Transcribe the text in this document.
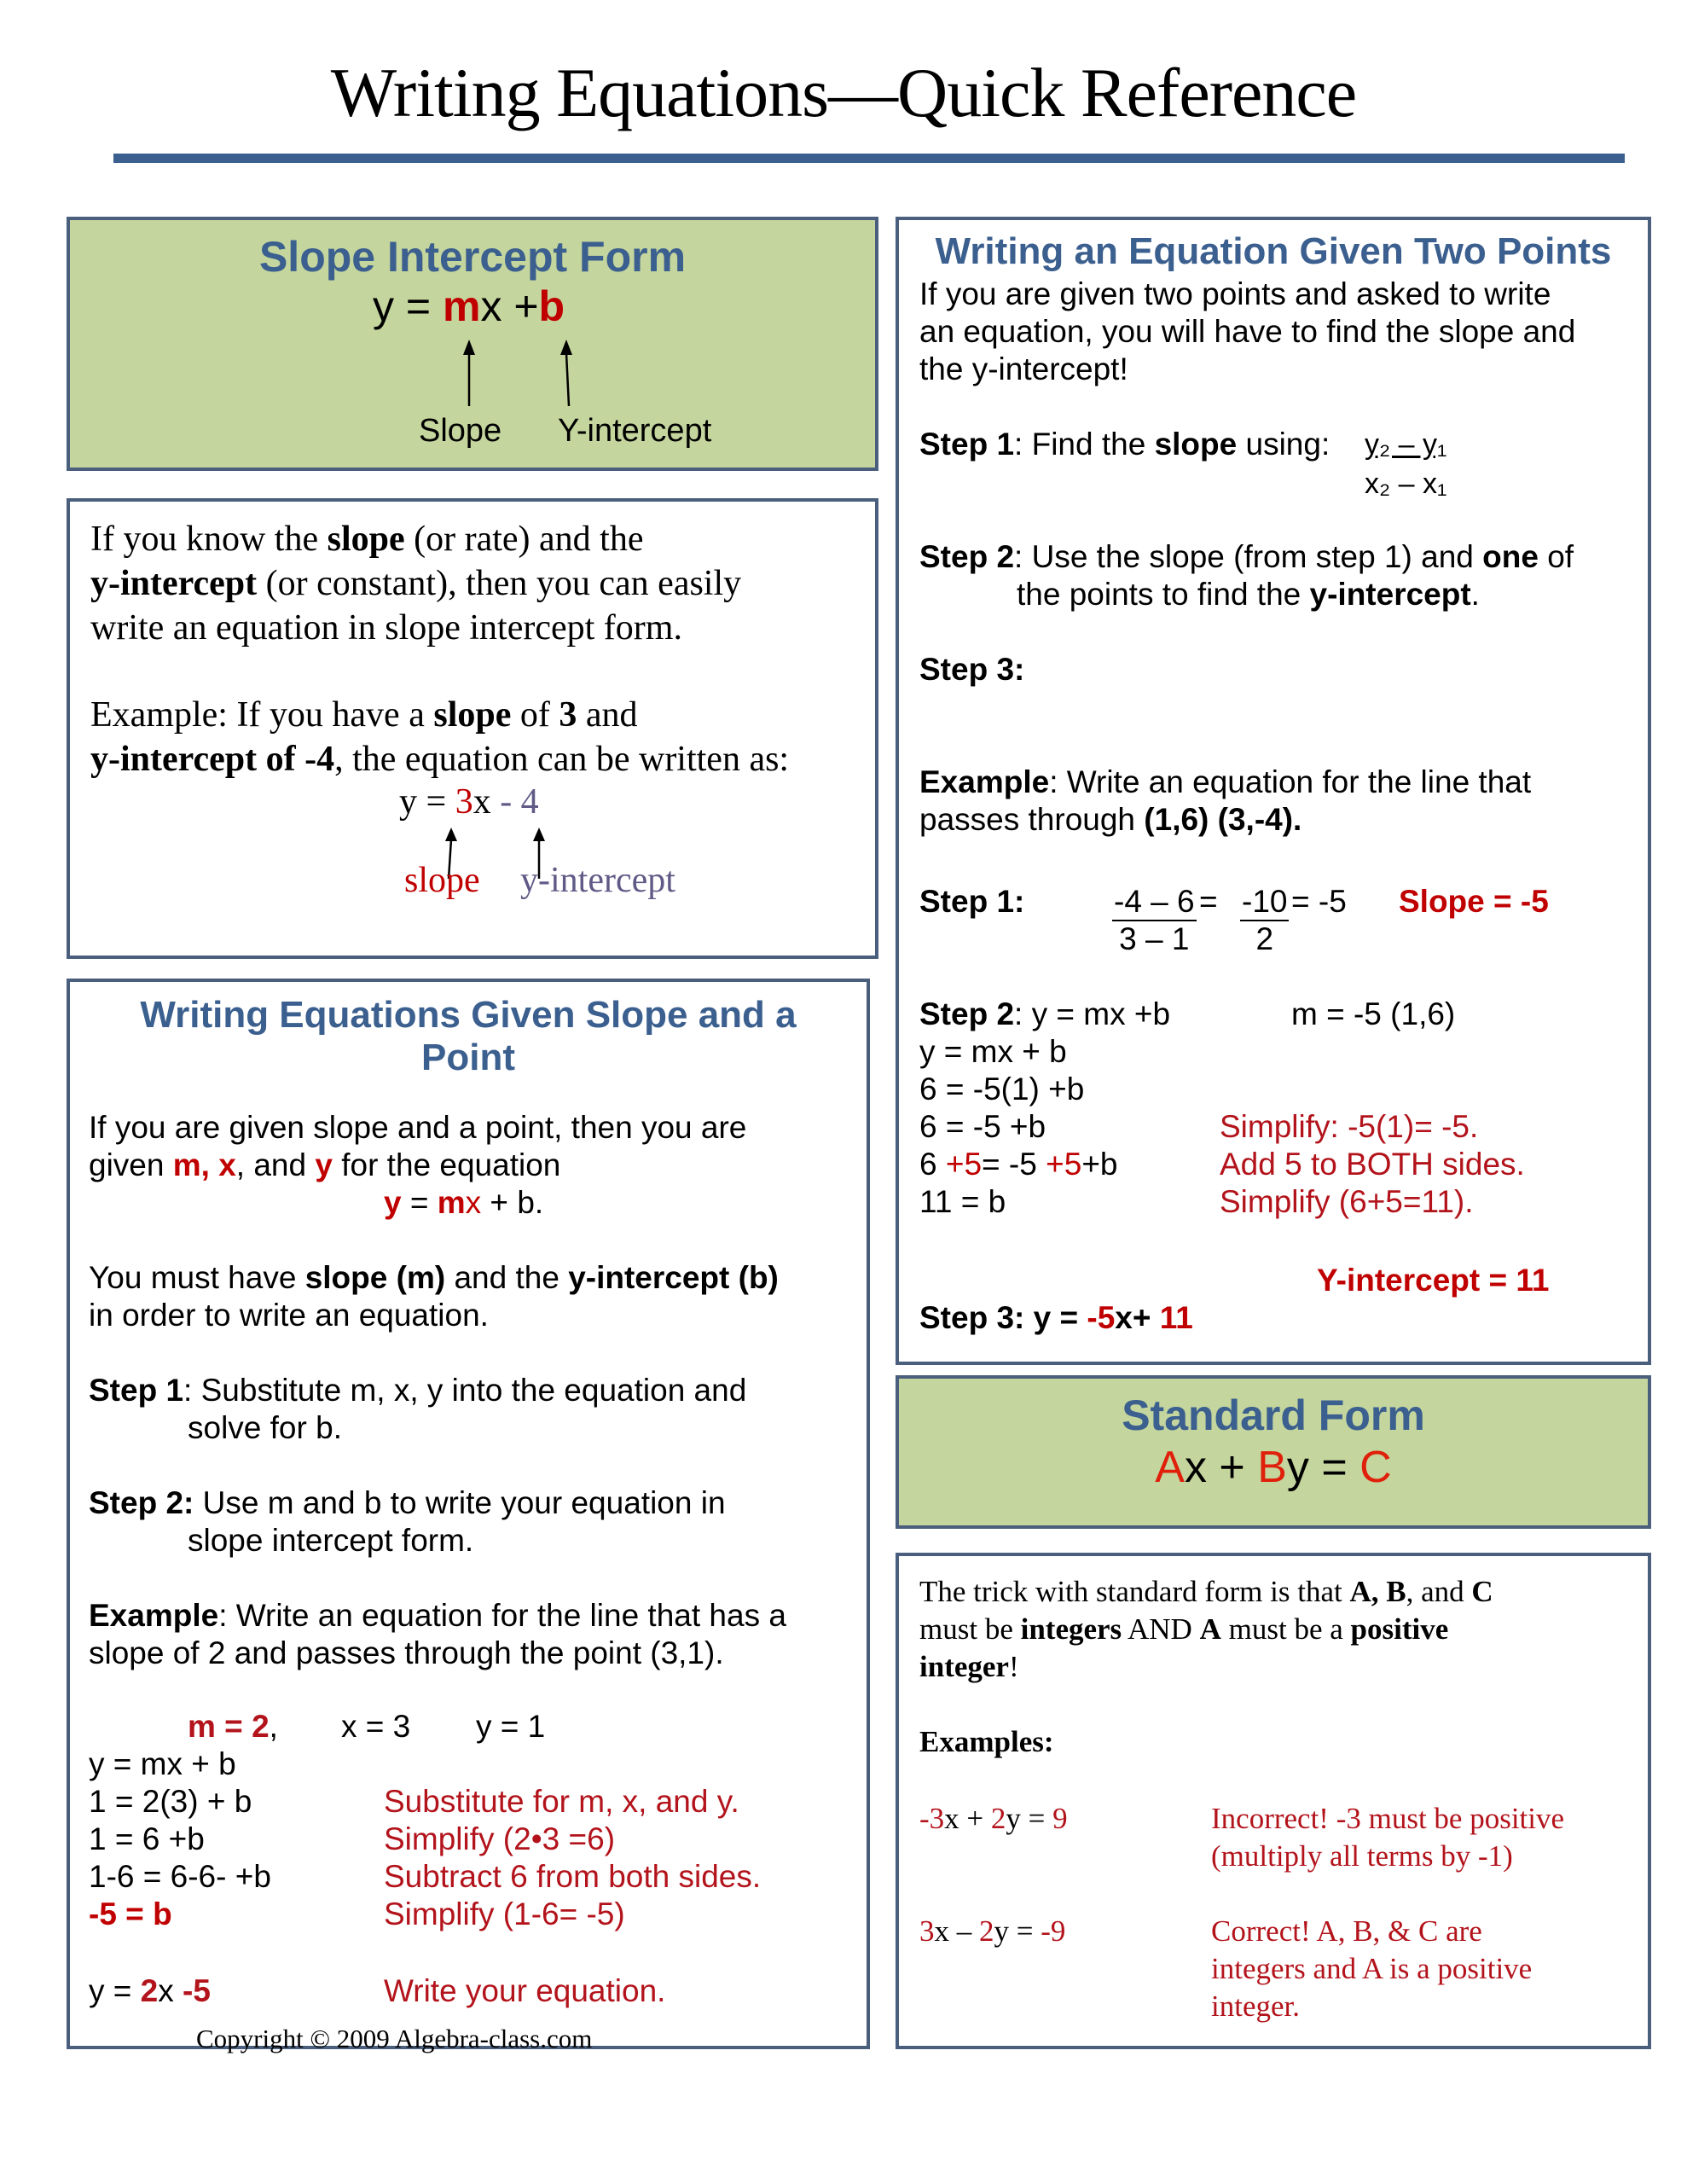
Writing Equations—Quick Reference
Slope Intercept Form
y = mx +b
Slope Y-intercept
If you know the slope (or rate) and the
y-intercept (or constant), then you can easily
write an equation in slope intercept form.
Example: If you have a slope of 3 and
y-intercept of -4, the equation can be written as:
y = 3x - 4
slope y-intercept
Writing Equations Given Slope and a
Point
If you are given slope and a point, then you are
given m, x, and y for the equation
y = mx + b.
You must have slope (m) and the y-intercept (b)
in order to write an equation.
Step 1: Substitute m, x, y into the equation and
solve for b.
Step 2: Use m and b to write your equation in
slope intercept form.
Example: Write an equation for the line that has a
slope of 2 and passes through the point (3,1).
m = 2, x = 3 y = 1
y = mx + b
1 = 2(3) + b	Substitute for m, x, and y.
1 = 6 +b	Simplify (2•3 =6)
1-6 = 6-6- +b	Subtract 6 from both sides.
-5 = b	Simplify (1-6= -5)
y = 2x -5	Write your equation.
Copyright © 2009 Algebra-class.com
Writing an Equation Given Two Points
If you are given two points and asked to write
an equation, you will have to find the slope and
the y-intercept!
Step 1: Find the slope using: y₂ – y₁
x₂ – x₁
Step 2: Use the slope (from step 1) and one of
the points to find the y-intercept.
Step 3:
Example: Write an equation for the line that
passes through (1,6) (3,-4).
Step 1:	$\frac{-4 - 6}{3 - 1} = \frac{-10}{2} = -5$ Slope = -5
Step 2: y = mx +b	m = -5 (1,6)
y = mx + b
6 = -5(1) +b
6 = -5 +b	Simplify: -5(1)= -5.
6 +5= -5 +5+b	Add 5 to BOTH sides.
11 = b	Simplify (6+5=11).
Y-intercept = 11
Step 3: y = -5x+ 11
Standard Form
Ax + By = C
The trick with standard form is that A, B, and C
must be integers AND A must be a positive
integer!
Examples:
-3x + 2y = 9	Incorrect! -3 must be positive
(multiply all terms by -1)
3x – 2y = -9	Correct! A, B, & C are
integers and A is a positive
integer.
